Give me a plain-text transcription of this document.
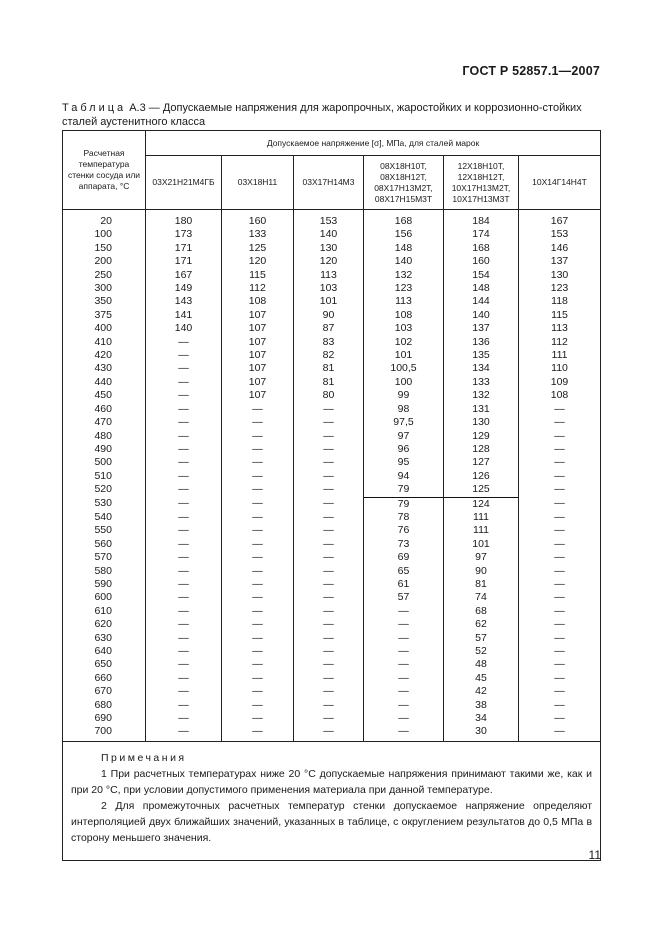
ГОСТ Р 52857.1—2007
Таблица А.3 — Допускаемые напряжения для жаропрочных, жаростойких и коррозионно-стойких сталей аустенитного класса
Расчетная температура стенки сосуда или аппарата, °С	Допускаемое напряжение [σ], МПа, для сталей марок					
	03Х21Н21М4ГБ	03Х18Н11	03Х17Н14М3	08Х18Н10Т, 08Х18Н12Т, 08Х17Н13М2Т, 08Х17Н15М3Т	12Х18Н10Т, 12Х18Н12Т, 10Х17Н13М2Т, 10Х17Н13М3Т	10Х14Г14Н4Т

20	180	160	153	168	184	167
100	173	133	140	156	174	153
150	171	125	130	148	168	146
200	171	120	120	140	160	137
250	167	115	113	132	154	130
300	149	112	103	123	148	123
350	143	108	101	113	144	118
375	141	107	90	108	140	115
400	140	107	87	103	137	113
410	—	107	83	102	136	112
420	—	107	82	101	135	111
430	—	107	81	100,5	134	110
440	—	107	81	100	133	109
450	—	107	80	99	132	108
460	—	—	—	98	131	—
470	—	—	—	97,5	130	—
480	—	—	—	97	129	—
490	—	—	—	96	128	—
500	—	—	—	95	127	—
510	—	—	—	94	126	—
520	—	—	—	79	125	—
530	—	—	—	79	124	—
540	—	—	—	78	111	—
550	—	—	—	76	111	—
560	—	—	—	73	101	—
570	—	—	—	69	97	—
580	—	—	—	65	90	—
590	—	—	—	61	81	—
600	—	—	—	57	74	—
610	—	—	—	—	68	—
620	—	—	—	—	62	—
630	—	—	—	—	57	—
640	—	—	—	—	52	—
650	—	—	—	—	48	—
660	—	—	—	—	45	—
670	—	—	—	—	42	—
680	—	—	—	—	38	—
690	—	—	—	—	34	—
700	—	—	—	—	30	—

Примечания

1 При расчетных температурах ниже 20 °С допускаемые напряжения принимают такими же, как и при 20 °С, при условии допустимого применения материала при данной температуре.

2 Для промежуточных расчетных температур стенки допускаемое напряжение определяют интерполяцией двух ближайших значений, указанных в таблице, с округлением результатов до 0,5 МПа в сторону меньшего значения.						

11
